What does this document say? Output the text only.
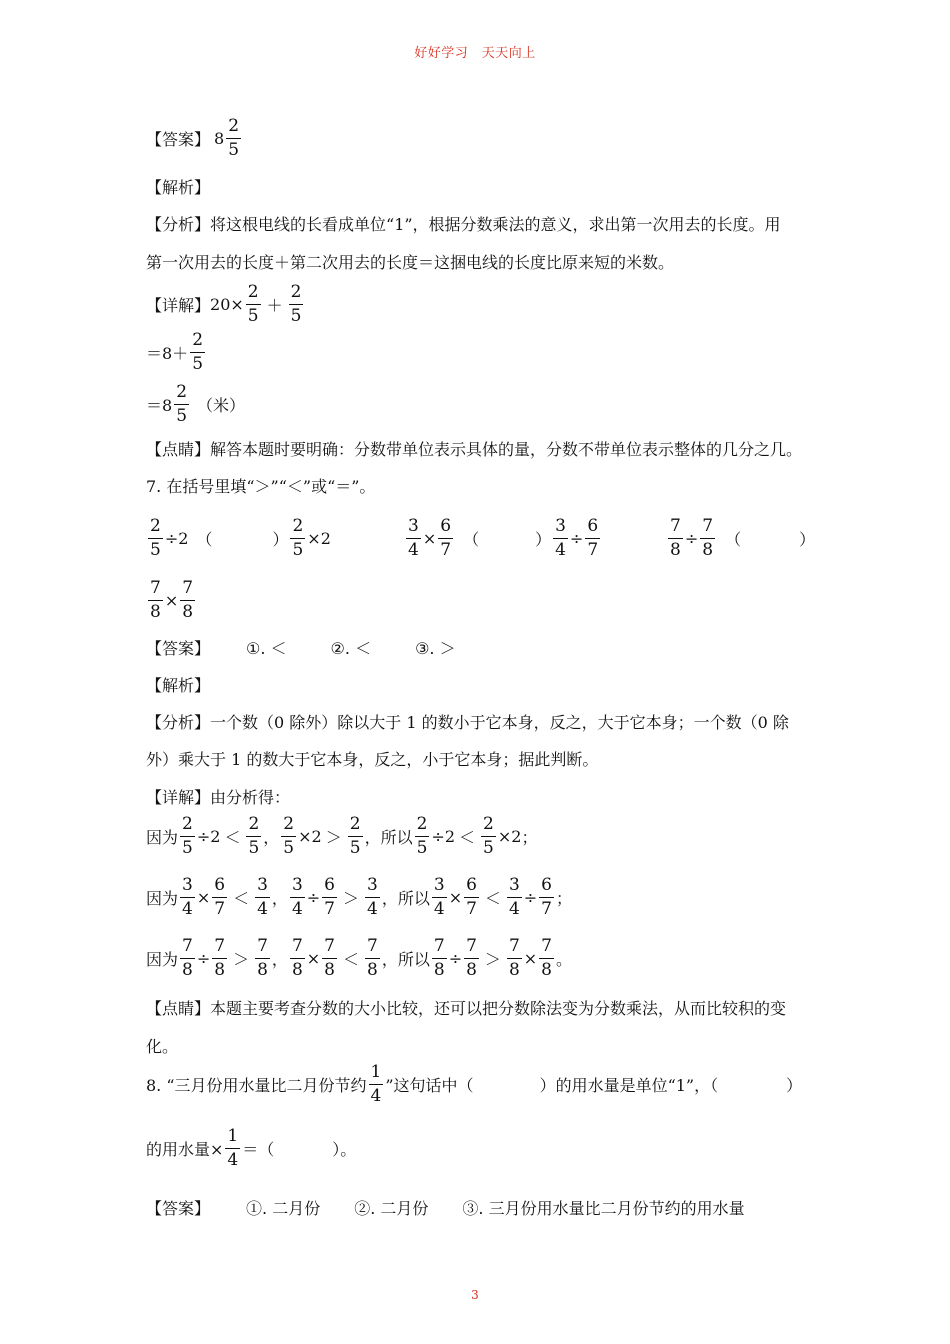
好好学习　天天向上
3
【答案】 $8 \frac{2}{5}$
【解析】
【分析】将这根电线的长看成单位“1”，根据分数乘法的意义，求出第一次用去的长度。用
第一次用去的长度＋第二次用去的长度＝这捆电线的长度比原来短的米数。
【详解】 $20\times \frac{2}{5} + \frac{2}{5}$
$=8+ \frac{2}{5}$
$=8 \frac{2}{5}$ （米）
【点睛】解答本题时要明确：分数带单位表示具体的量，分数不带单位表示整体的几分之几。
7. 在括号里填“＞”“＜”或“＝”。
$\frac{2}{5} \div 2$ （	） $\frac{2}{5} \times 2$	$\frac{3}{4} \times \frac{6}{7}$ （	） $\frac{3}{4} \div \frac{6}{7}$	$\frac{7}{8} \div \frac{7}{8}$ （	）
$\frac{7}{8} \times \frac{7}{8}$
【答案】 ①. ＜	②. ＜	③. ＞
【解析】
【分析】一个数（0 除外）除以大于 1 的数小于它本身，反之，大于它本身；一个数（0 除
外）乘大于 1 的数大于它本身，反之，小于它本身；据此判断。
【详解】由分析得：
因为 $\frac{2}{5} \div 2 < \frac{2}{5}$ ， $\frac{2}{5} \times 2 > \frac{2}{5}$ ，所以 $\frac{2}{5} \div 2 < \frac{2}{5} \times 2$ ；
因为 $\frac{3}{4} \times \frac{6}{7} < \frac{3}{4}$ ， $\frac{3}{4} \div \frac{6}{7} > \frac{3}{4}$ ，所以 $\frac{3}{4} \times \frac{6}{7} < \frac{3}{4} \div \frac{6}{7}$ ；
因为 $\frac{7}{8} \div \frac{7}{8} > \frac{7}{8}$ ， $\frac{7}{8} \times \frac{7}{8} < \frac{7}{8}$ ，所以 $\frac{7}{8} \div \frac{7}{8} > \frac{7}{8} \times \frac{7}{8}$ 。
【点睛】本题主要考查分数的大小比较，还可以把分数除法变为分数乘法，从而比较积的变
化。
8. “三月份用水量比二月份节约 $\frac{1}{4}$ ”这句话中（	）的用水量是单位“1”，（	）
的用水量× $\frac{1}{4}$ ＝（	）。
【答案】 ①. 二月份 ②. 二月份 ③. 三月份用水量比二月份节约的用水量
